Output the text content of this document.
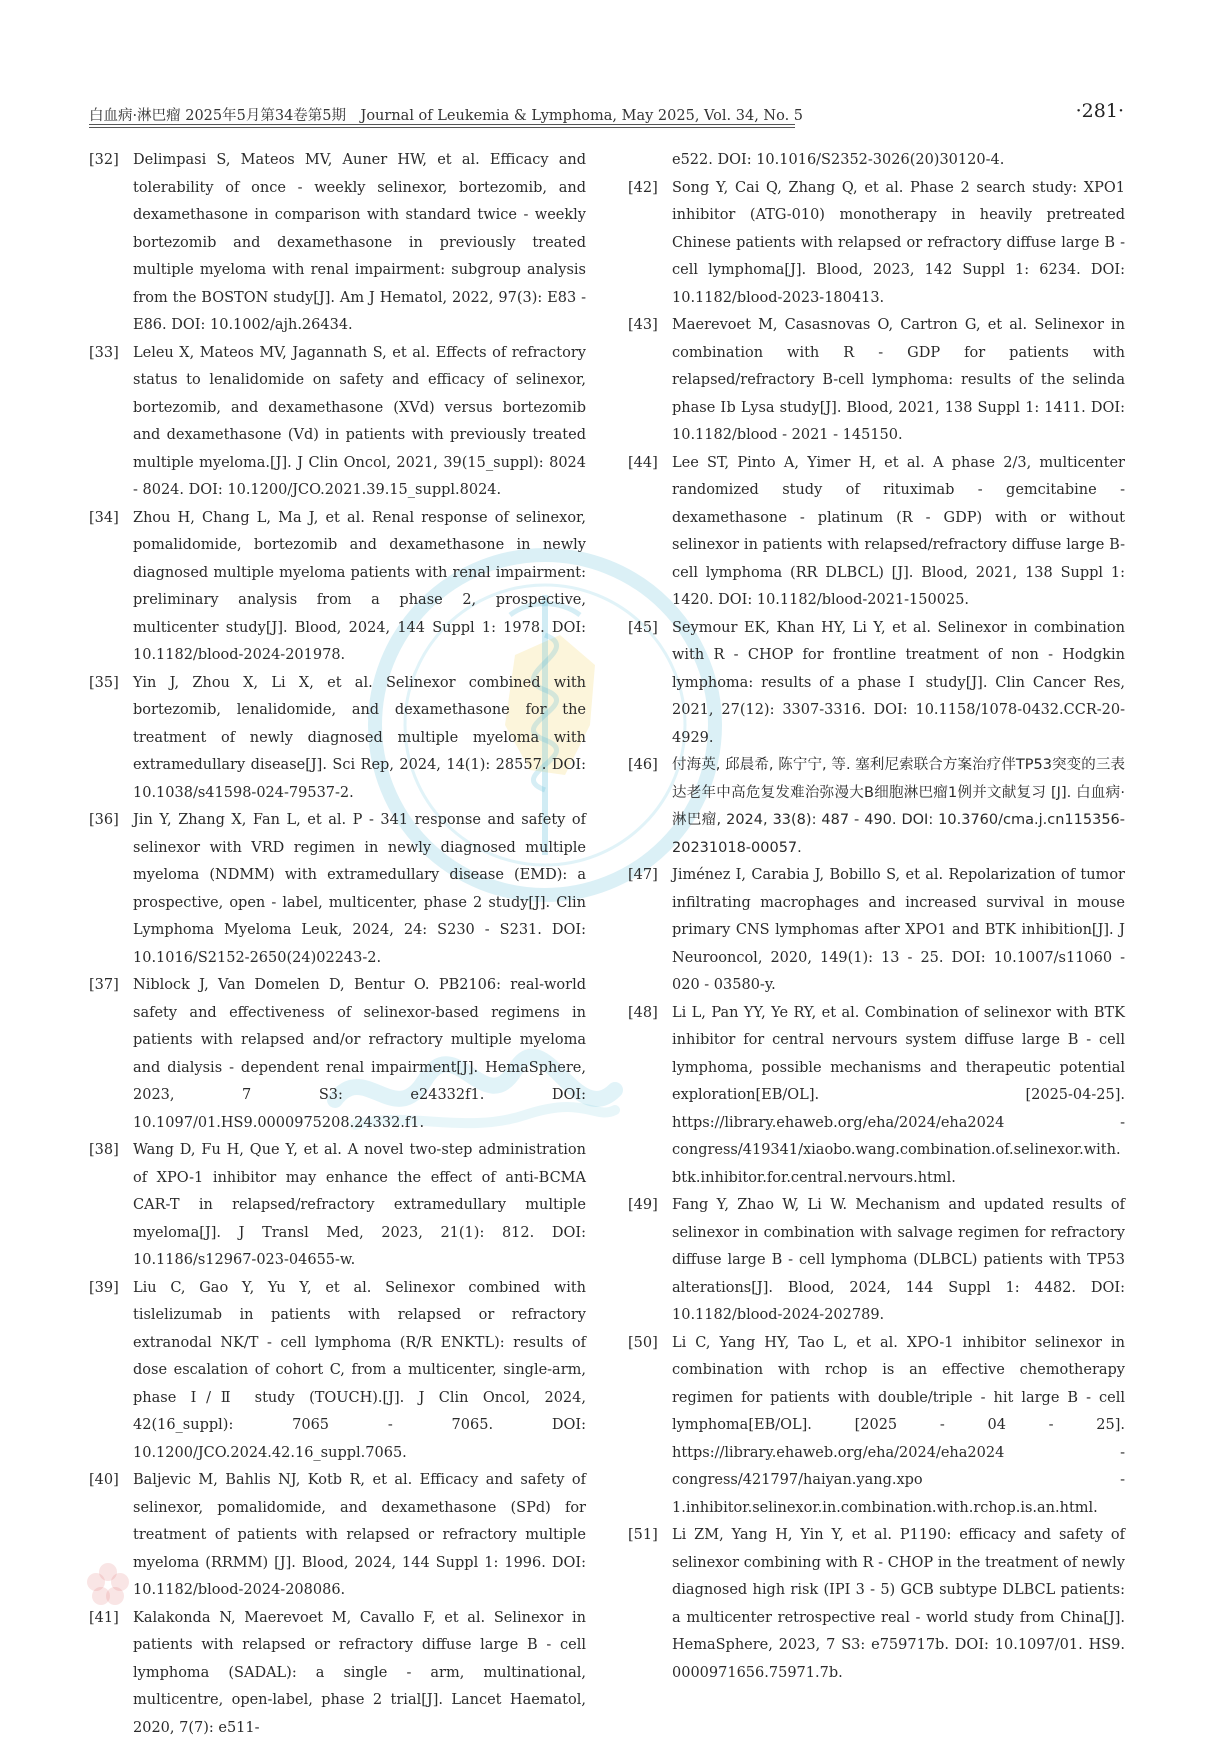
白血病·淋巴瘤 2025年5月第34卷第5期　Journal of Leukemia & Lymphoma, May 2025, Vol. 34, No. 5	·281·
[32] Delimpasi S, Mateos MV, Auner HW, et al. Efficacy and tolerability of once - weekly selinexor, bortezomib, and dexamethasone in comparison with standard twice - weekly bortezomib and dexamethasone in previously treated multiple myeloma with renal impairment: subgroup analysis from the BOSTON study[J]. Am J Hematol, 2022, 97(3): E83 - E86. DOI: 10.1002/ajh.26434.
[33] Leleu X, Mateos MV, Jagannath S, et al. Effects of refractory status to lenalidomide on safety and efficacy of selinexor, bortezomib, and dexamethasone (XVd) versus bortezomib and dexamethasone (Vd) in patients with previously treated multiple myeloma.[J]. J Clin Oncol, 2021, 39(15_suppl): 8024 - 8024. DOI: 10.1200/JCO.2021.39.15_suppl.8024.
[34] Zhou H, Chang L, Ma J, et al. Renal response of selinexor, pomalidomide, bortezomib and dexamethasone in newly diagnosed multiple myeloma patients with renal impairment: preliminary analysis from a phase 2, prospective, multicenter study[J]. Blood, 2024, 144 Suppl 1: 1978. DOI: 10.1182/blood-2024-201978.
[35] Yin J, Zhou X, Li X, et al. Selinexor combined with bortezomib, lenalidomide, and dexamethasone for the treatment of newly diagnosed multiple myeloma with extramedullary disease[J]. Sci Rep, 2024, 14(1): 28557. DOI: 10.1038/s41598-024-79537-2.
[36] Jin Y, Zhang X, Fan L, et al. P - 341 response and safety of selinexor with VRD regimen in newly diagnosed multiple myeloma (NDMM) with extramedullary disease (EMD): a prospective, open - label, multicenter, phase 2 study[J]. Clin Lymphoma Myeloma Leuk, 2024, 24: S230 - S231. DOI: 10.1016/S2152-2650(24)02243-2.
[37] Niblock J, Van Domelen D, Bentur O. PB2106: real-world safety and effectiveness of selinexor-based regimens in patients with relapsed and/or refractory multiple myeloma and dialysis - dependent renal impairment[J]. HemaSphere, 2023, 7 S3: e24332f1. DOI: 10.1097/01.HS9.0000975208.24332.f1.
[38] Wang D, Fu H, Que Y, et al. A novel two-step administration of XPO-1 inhibitor may enhance the effect of anti-BCMA CAR-T in relapsed/refractory extramedullary multiple myeloma[J]. J Transl Med, 2023, 21(1): 812. DOI: 10.1186/s12967-023-04655-w.
[39] Liu C, Gao Y, Yu Y, et al. Selinexor combined with tislelizumab in patients with relapsed or refractory extranodal NK/T - cell lymphoma (R/R ENKTL): results of dose escalation of cohort C, from a multicenter, single-arm, phase Ⅰ/Ⅱ study (TOUCH).[J]. J Clin Oncol, 2024, 42(16_suppl): 7065 - 7065. DOI: 10.1200/JCO.2024.42.16_suppl.7065.
[40] Baljevic M, Bahlis NJ, Kotb R, et al. Efficacy and safety of selinexor, pomalidomide, and dexamethasone (SPd) for treatment of patients with relapsed or refractory multiple myeloma (RRMM) [J]. Blood, 2024, 144 Suppl 1: 1996. DOI: 10.1182/blood-2024-208086.
[41] Kalakonda N, Maerevoet M, Cavallo F, et al. Selinexor in patients with relapsed or refractory diffuse large B - cell lymphoma (SADAL): a single - arm, multinational, multicentre, open-label, phase 2 trial[J]. Lancet Haematol, 2020, 7(7): e511-
e522. DOI: 10.1016/S2352-3026(20)30120-4.
[42] Song Y, Cai Q, Zhang Q, et al. Phase 2 search study: XPO1 inhibitor (ATG-010) monotherapy in heavily pretreated Chinese patients with relapsed or refractory diffuse large B - cell lymphoma[J]. Blood, 2023, 142 Suppl 1: 6234. DOI: 10.1182/blood-2023-180413.
[43] Maerevoet M, Casasnovas O, Cartron G, et al. Selinexor in combination with R - GDP for patients with relapsed/refractory B-cell lymphoma: results of the selinda phase Ⅰb Lysa study[J]. Blood, 2021, 138 Suppl 1: 1411. DOI: 10.1182/blood - 2021 - 145150.
[44] Lee ST, Pinto A, Yimer H, et al. A phase 2/3, multicenter randomized study of rituximab - gemcitabine - dexamethasone - platinum (R - GDP) with or without selinexor in patients with relapsed/refractory diffuse large B-cell lymphoma (RR DLBCL) [J]. Blood, 2021, 138 Suppl 1: 1420. DOI: 10.1182/blood-2021-150025.
[45] Seymour EK, Khan HY, Li Y, et al. Selinexor in combination with R - CHOP for frontline treatment of non - Hodgkin lymphoma: results of a phase Ⅰ study[J]. Clin Cancer Res, 2021, 27(12): 3307-3316. DOI: 10.1158/1078-0432.CCR-20-4929.
[46] 付海英, 邱晨希, 陈宁宁, 等. 塞利尼索联合方案治疗伴TP53突变的三表达老年中高危复发难治弥漫大B细胞淋巴瘤1例并文献复习 [J]. 白血病·淋巴瘤, 2024, 33(8): 487 - 490. DOI: 10.3760/cma.j.cn115356-20231018-00057.
[47] Jiménez I, Carabia J, Bobillo S, et al. Repolarization of tumor infiltrating macrophages and increased survival in mouse primary CNS lymphomas after XPO1 and BTK inhibition[J]. J Neurooncol, 2020, 149(1): 13 - 25. DOI: 10.1007/s11060 - 020 - 03580-y.
[48] Li L, Pan YY, Ye RY, et al. Combination of selinexor with BTK inhibitor for central nervours system diffuse large B - cell lymphoma, possible mechanisms and therapeutic potential exploration[EB/OL]. [2025-04-25]. https://library.ehaweb.org/eha/2024/eha2024 - congress/419341/xiaobo.wang.combination.of.selinexor.with.btk.inhibitor.for.central.nervours.html.
[49] Fang Y, Zhao W, Li W. Mechanism and updated results of selinexor in combination with salvage regimen for refractory diffuse large B - cell lymphoma (DLBCL) patients with TP53 alterations[J]. Blood, 2024, 144 Suppl 1: 4482. DOI: 10.1182/blood-2024-202789.
[50] Li C, Yang HY, Tao L, et al. XPO-1 inhibitor selinexor in combination with rchop is an effective chemotherapy regimen for patients with double/triple - hit large B - cell lymphoma[EB/OL]. [2025 - 04 - 25]. https://library.ehaweb.org/eha/2024/eha2024 - congress/421797/haiyan.yang.xpo - 1.inhibitor.selinexor.in.combination.with.rchop.is.an.html.
[51] Li ZM, Yang H, Yin Y, et al. P1190: efficacy and safety of selinexor combining with R - CHOP in the treatment of newly diagnosed high risk (IPI 3 - 5) GCB subtype DLBCL patients: a multicenter retrospective real - world study from China[J]. HemaSphere, 2023, 7 S3: e759717b. DOI: 10.1097/01. HS9. 0000971656.75971.7b.
